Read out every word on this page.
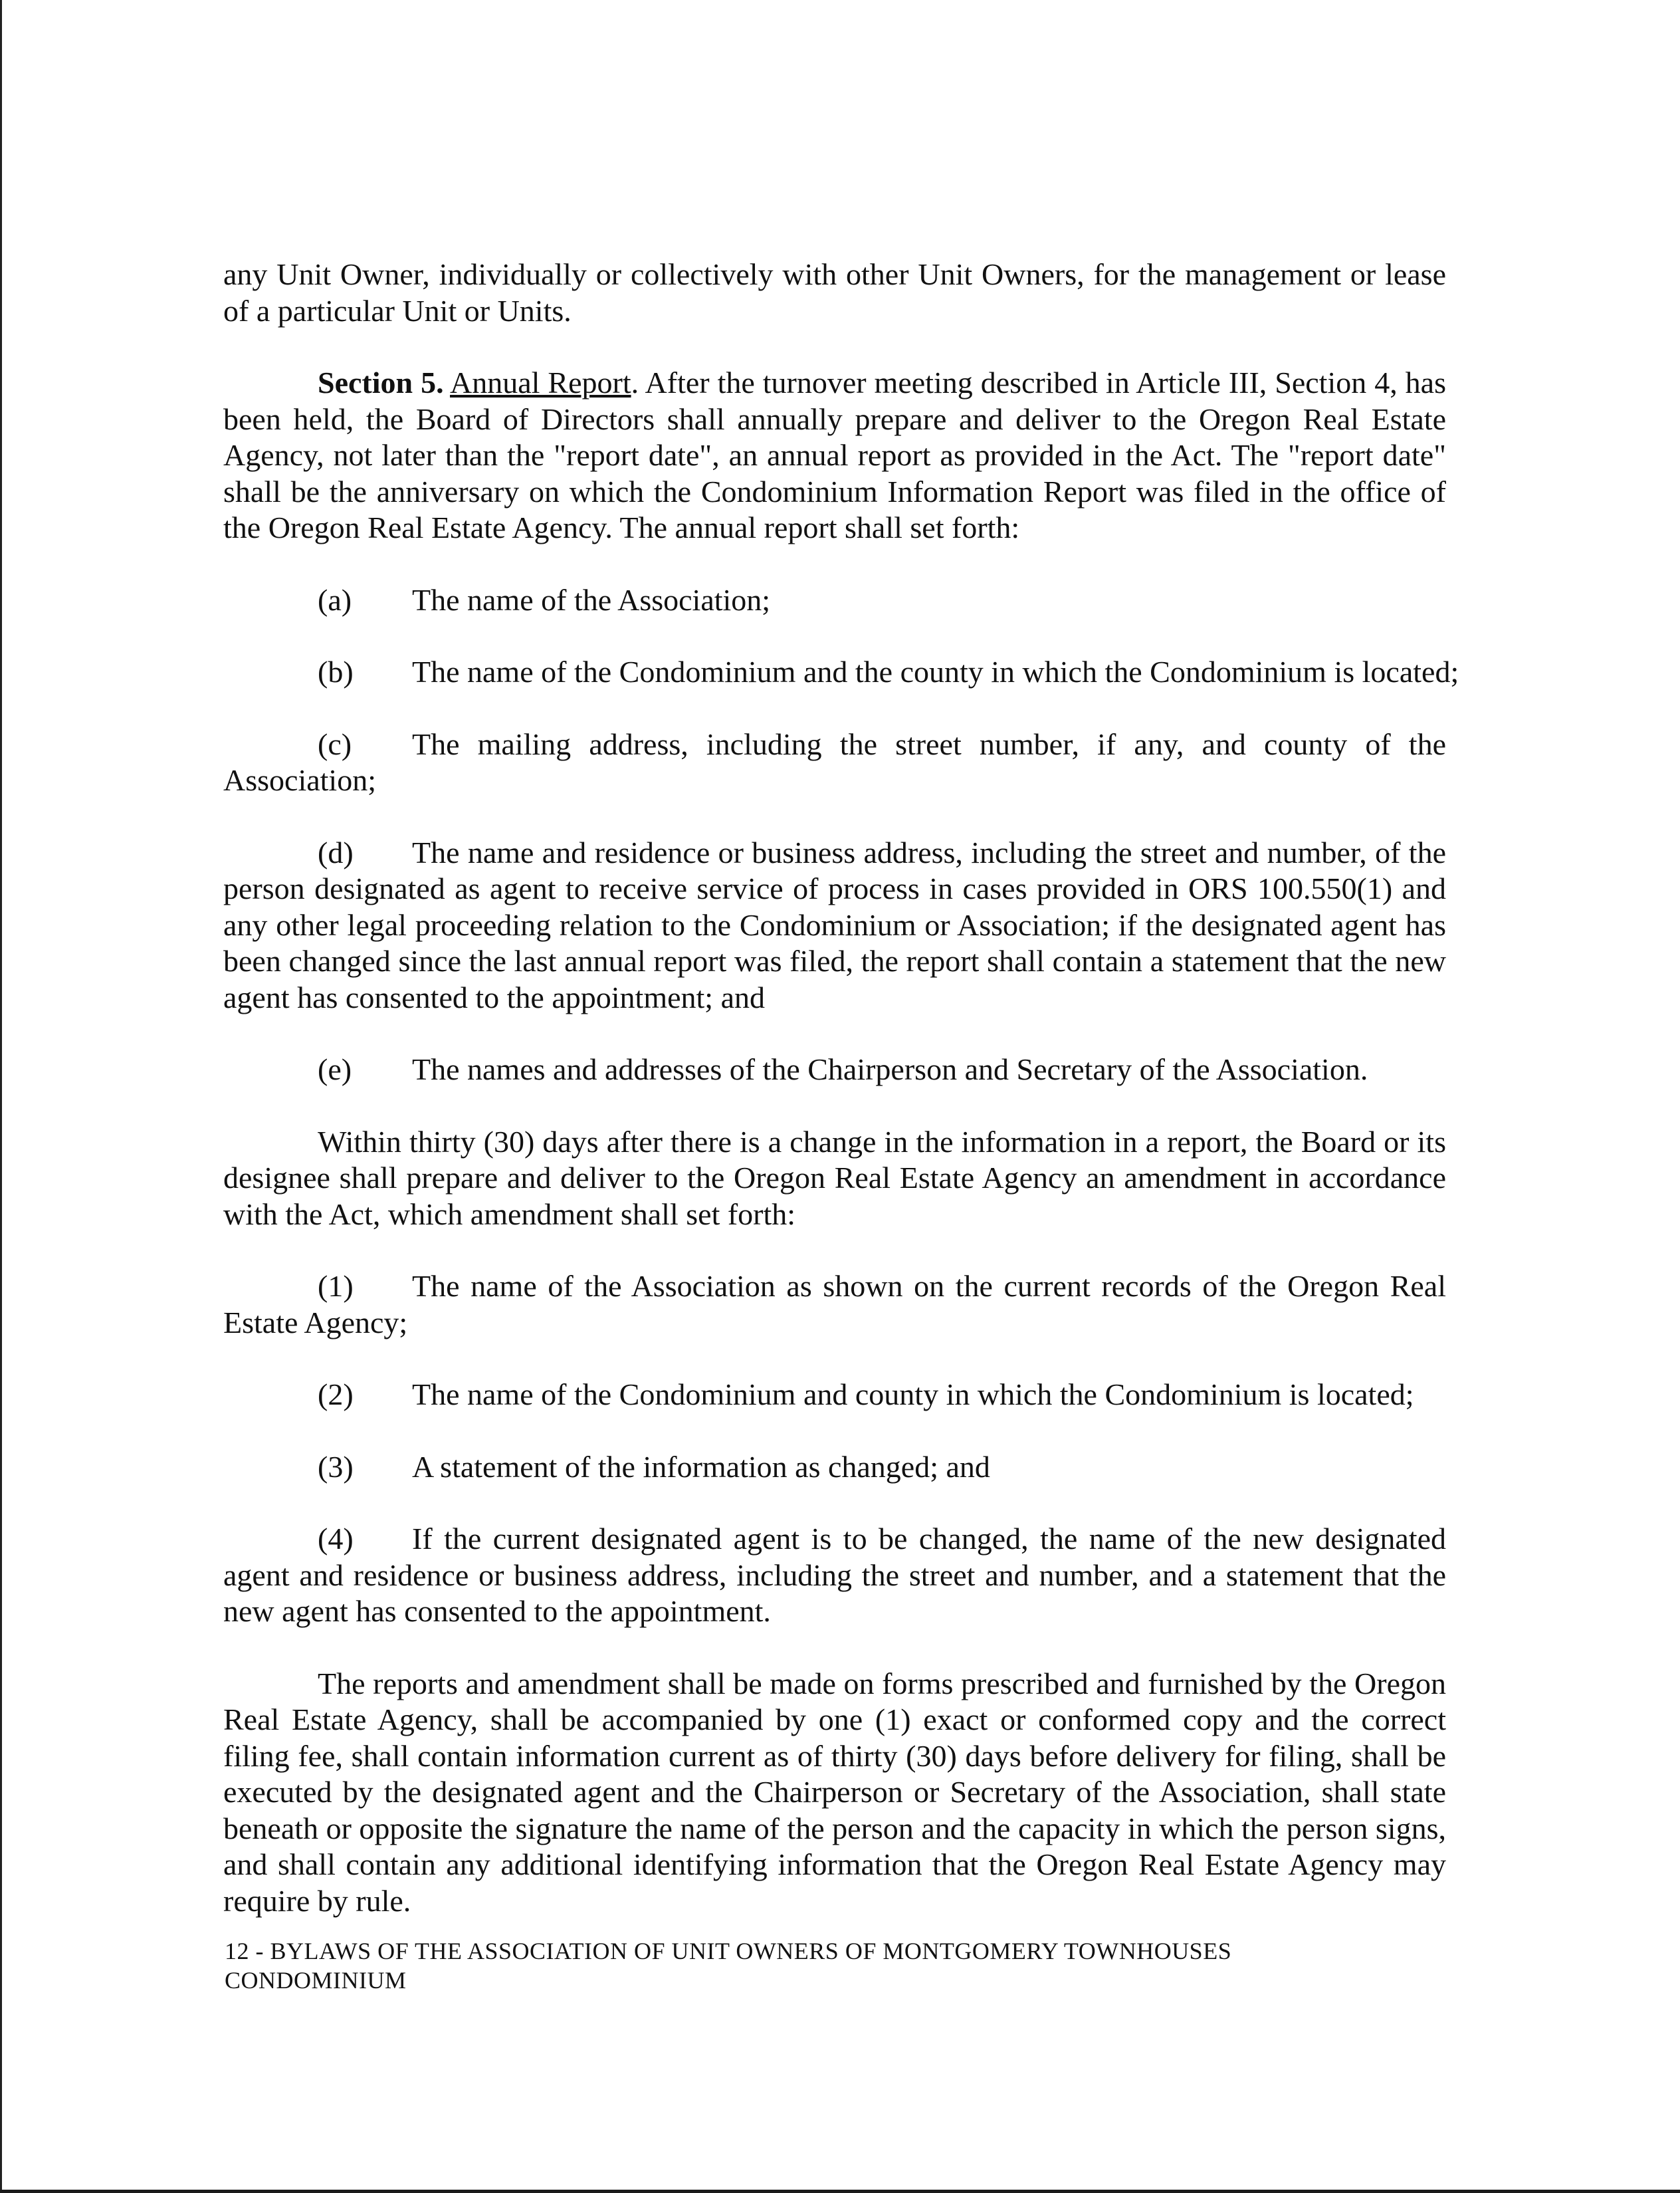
any Unit Owner, individually or collectively with other Unit Owners, for the management or lease of a particular Unit or Units.

Section 5. Annual Report. After the turnover meeting described in Article III, Section 4, has been held, the Board of Directors shall annually prepare and deliver to the Oregon Real Estate Agency, not later than the "report date", an annual report as provided in the Act. The "report date" shall be the anniversary on which the Condominium Information Report was filed in the office of the Oregon Real Estate Agency. The annual report shall set forth:

(a) The name of the Association;

(b) The name of the Condominium and the county in which the Condominium is located;

(c) The mailing address, including the street number, if any, and county of the Association;

(d) The name and residence or business address, including the street and number, of the person designated as agent to receive service of process in cases provided in ORS 100.550(1) and any other legal proceeding relation to the Condominium or Association; if the designated agent has been changed since the last annual report was filed, the report shall contain a statement that the new agent has consented to the appointment; and

(e) The names and addresses of the Chairperson and Secretary of the Association.

Within thirty (30) days after there is a change in the information in a report, the Board or its designee shall prepare and deliver to the Oregon Real Estate Agency an amendment in accordance with the Act, which amendment shall set forth:

(1) The name of the Association as shown on the current records of the Oregon Real Estate Agency;

(2) The name of the Condominium and county in which the Condominium is located;

(3) A statement of the information as changed; and

(4) If the current designated agent is to be changed, the name of the new designated agent and residence or business address, including the street and number, and a statement that the new agent has consented to the appointment.

The reports and amendment shall be made on forms prescribed and furnished by the Oregon Real Estate Agency, shall be accompanied by one (1) exact or conformed copy and the correct filing fee, shall contain information current as of thirty (30) days before delivery for filing, shall be executed by the designated agent and the Chairperson or Secretary of the Association, shall state beneath or opposite the signature the name of the person and the capacity in which the person signs, and shall contain any additional identifying information that the Oregon Real Estate Agency may require by rule.

12 - BYLAWS OF THE ASSOCIATION OF UNIT OWNERS OF MONTGOMERY TOWNHOUSES
CONDOMINIUM
